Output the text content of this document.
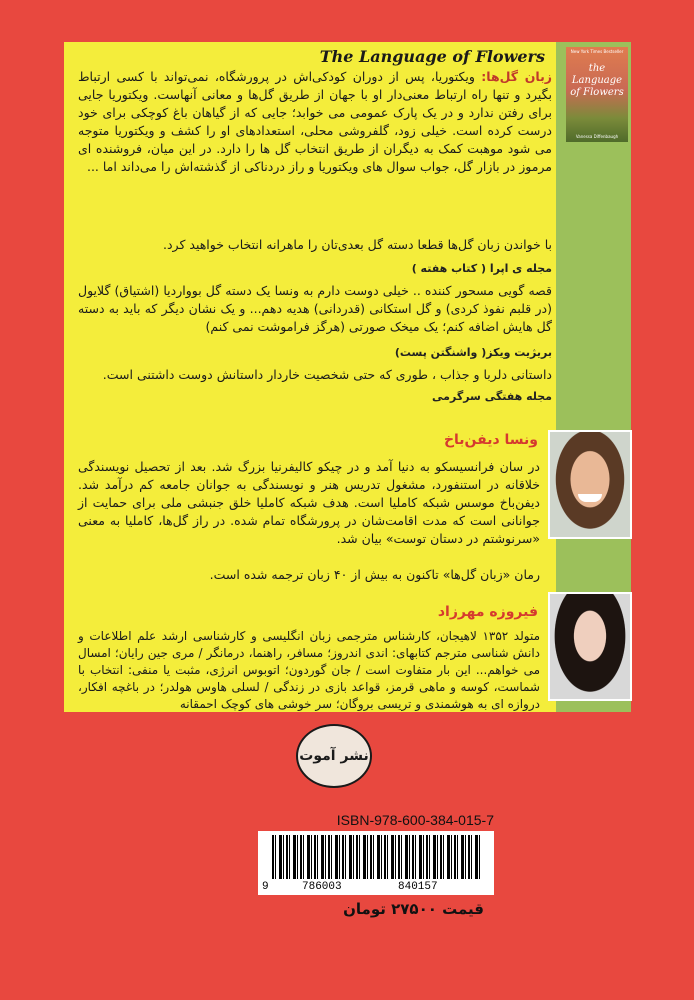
The Language of Flowers	New York Times Bestseller
the Language of Flowers
Vanessa Diffenbaugh
زبان گل‌ها: ویکتوریا، پس از دوران کودکی‌اش در پرورشگاه، نمی‌تواند با کسی ارتباط بگیرد و تنها راه ارتباط معنی‌دار او با جهان از طریق گل‌ها و معانی آنهاست. ویکتوریا جایی برای رفتن ندارد و در یک پارک عمومی می خوابد؛ جایی که از گیاهان باغ کوچکی برای خود درست کرده است. خیلی زود، گلفروشی محلی، استعدادهای او را کشف و ویکتوریا متوجه می شود موهبت کمک به دیگران از طریق انتخاب گل ها را دارد. در این میان، فروشنده ای مرموز در بازار گل، جواب سوال های ویکتوریا و راز دردناکی از گذشته‌اش را می‌داند اما ...
با خواندن زبان گل‌ها قطعا دسته گل بعدی‌تان را ماهرانه انتخاب خواهید کرد.
مجله ی اپرا ( کتاب هفته )
قصه گویی مسحور کننده .. خیلی دوست دارم به ونسا یک دسته گل بوواردیا (اشتیاق) گلایول (در قلبم نفوذ کردی) و گل استکانی (قدردانی) هدیه دهم... و یک نشان دیگر که باید به دسته گل هایش اضافه کنم؛ یک میخک صورتی (هرگز فراموشت نمی کنم)
بریژیت ویکز( واشنگتن پست)
داستانی دلربا و جذاب ، طوری که حتی شخصیت خاردار داستانش دوست داشتنی است.
مجله هفتگی سرگرمی
ونسا دیفن‌باخ
در سان فرانسیسکو به دنیا آمد و در چیکو کالیفرنیا بزرگ شد. بعد از تحصیل نویسندگی خلاقانه در استنفورد، مشغول تدریس هنر و نویسندگی به جوانان جامعه کم درآمد شد. دیفن‌باخ موسس شبکه کاملیا است. هدف شبکه کاملیا خلق جنبشی ملی برای حمایت از جوانانی است که مدت اقامت‌شان در پرورشگاه تمام شده. در راز گل‌ها، کاملیا به معنی «سرنوشتم در دستان توست» بیان شد.
رمان «زبان گل‌ها» تاکنون به بیش از ۴۰ زبان ترجمه شده است.
فیروزه مهرزاد
متولد ۱۳۵۲ لاهیجان، کارشناس مترجمی زبان انگلیسی و کارشناسی ارشد علم اطلاعات و دانش شناسی مترجم کتابهای: اندی اندروز؛ مسافر، راهنما، درمانگر / مری جین رایان؛ امسال می خواهم... این بار متفاوت است / جان گوردون؛ اتوبوس انرژی، مثبت یا منفی: انتخاب با شماست، کوسه و ماهی قرمز، قواعد بازی در زندگی / لسلی هاوس هولدر؛ در باغچه افکار، دروازه ای به هوشمندی و تریسی بروگان؛ سر خوشی های کوچک احمقانه
نشر آموت
ISBN-978-600-384-015-7
9	786003	840157
قیمت ۲۷۵۰۰ تومان
